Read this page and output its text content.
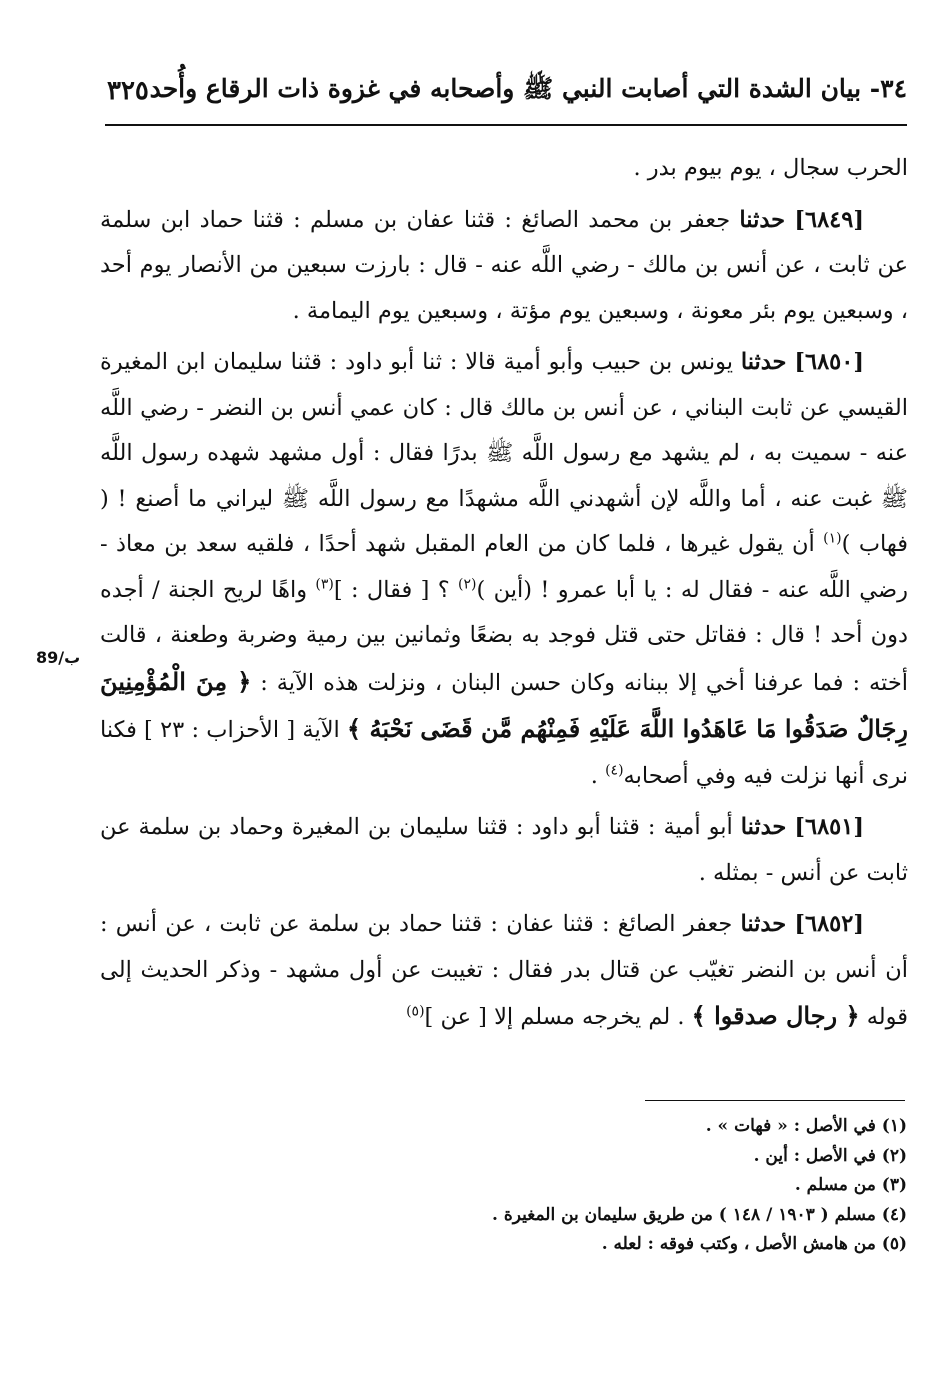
٣٤- بيان الشدة التي أصابت النبي ﷺ وأصحابه في غزوة ذات الرقاع وأُحد
٣٢٥
89/ب

الحرب سجال ، يوم بيوم بدر .

[٦٨٤٩] حدثنا جعفر بن محمد الصائغ : قثنا عفان بن مسلم : قثنا حماد ابن سلمة عن ثابت ، عن أنس بن مالك - رضي اللَّه عنه - قال : بارزت سبعين من الأنصار يوم أحد ، وسبعين يوم بئر معونة ، وسبعين يوم مؤتة ، وسبعين يوم اليمامة .

[٦٨٥٠] حدثنا يونس بن حبيب وأبو أمية قالا : ثنا أبو داود : قثنا سليمان ابن المغيرة القيسي عن ثابت البناني ، عن أنس بن مالك قال : كان عمي أنس بن النضر - رضي اللَّه عنه - سميت به ، لم يشهد مع رسول اللَّه ﷺ بدرًا فقال : أول مشهد شهده رسول اللَّه ﷺ غبت عنه ، أما واللَّه لإن أشهدني اللَّه مشهدًا مع رسول اللَّه ﷺ ليراني ما أصنع ! ( فهاب )$^{(١)}$ أن يقول غيرها ، فلما كان من العام المقبل شهد أحدًا ، فلقيه سعد بن معاذ - رضي اللَّه عنه - فقال له : يا أبا عمرو ! (أين )$^{(٢)}$ ؟ [ فقال : ]$^{(٣)}$ واهًا لريح الجنة / أجده دون أحد ! قال : فقاتل حتى قتل فوجد به بضعًا وثمانين بين رمية وضربة وطعنة ، قالت أخته : فما عرفنا أخي إلا ببنانه وكان حسن البنان ، ونزلت هذه الآية : ﴿ مِنَ الْمُؤْمِنِينَ رِجَالٌ صَدَقُوا مَا عَاهَدُوا اللَّهَ عَلَيْهِ فَمِنْهُم مَّن قَضَى نَحْبَهُ ﴾ الآية [ الأحزاب : ٢٣ ] فكنا نرى أنها نزلت فيه وفي أصحابه$^{(٤)}$ .

[٦٨٥١] حدثنا أبو أمية : قثنا أبو داود : قثنا سليمان بن المغيرة وحماد بن سلمة عن ثابت عن أنس - بمثله .

[٦٨٥٢] حدثنا جعفر الصائغ : قثنا عفان : قثنا حماد بن سلمة عن ثابت ، عن أنس : أن أنس بن النضر تغيّب عن قتال بدر فقال : تغيبت عن أول مشهد - وذكر الحديث إلى قوله ﴿ رجال صدقوا ﴾ . لم يخرجه مسلم إلا [ عن ]$^{(٥)}$

(١) في الأصل : « فهات » .
(٢) في الأصل : أين .
(٣) من مسلم .
(٤) مسلم ( ١٩٠٣ / ١٤٨ ) من طريق سليمان بن المغيرة .
(٥) من هامش الأصل ، وكتب فوقه : لعله .
